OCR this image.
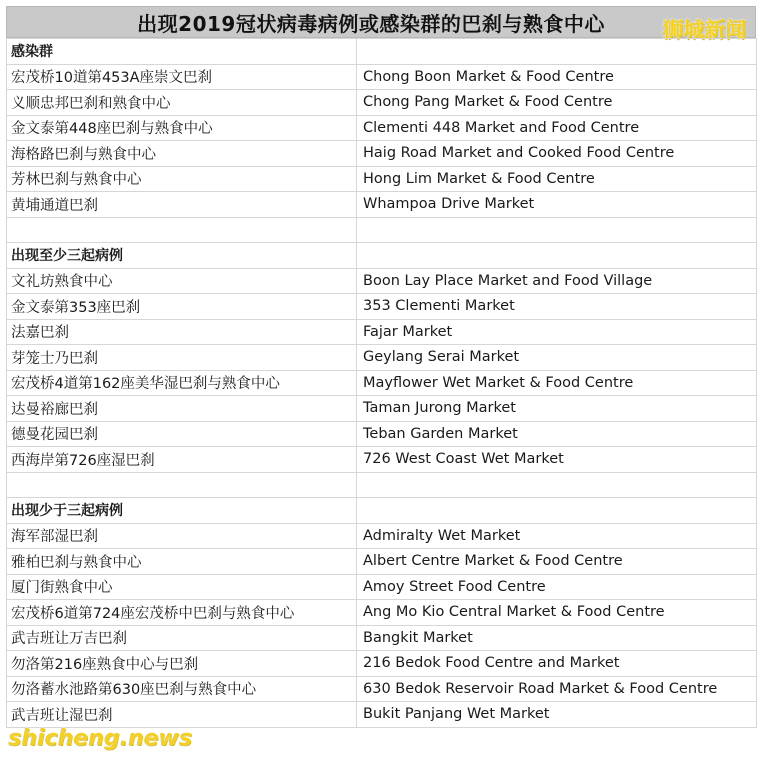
出现2019冠状病毒病例或感染群的巴刹与熟食中心	狮城新闻
感染群	
宏茂桥10道第453A座崇文巴刹	Chong Boon Market & Food Centre
义顺忠邦巴刹和熟食中心	Chong Pang Market & Food Centre
金文泰第448座巴刹与熟食中心	Clementi 448 Market and Food Centre
海格路巴刹与熟食中心	Haig Road Market and Cooked Food Centre
芳林巴刹与熟食中心	Hong Lim Market & Food Centre
黄埔通道巴刹	Whampoa Drive Market

出现至少三起病例	
文礼坊熟食中心	Boon Lay Place Market and Food Village
金文泰第353座巴刹	353 Clementi Market
法嘉巴刹	Fajar Market
芽笼士乃巴刹	Geylang Serai Market
宏茂桥4道第162座美华湿巴刹与熟食中心	Mayflower Wet Market & Food Centre
达曼裕廊巴刹	Taman Jurong Market
德曼花园巴刹	Teban Garden Market
西海岸第726座湿巴刹	726 West Coast Wet Market

出现少于三起病例	
海军部湿巴刹	Admiralty Wet Market
雅柏巴刹与熟食中心	Albert Centre Market & Food Centre
厦门街熟食中心	Amoy Street Food Centre
宏茂桥6道第724座宏茂桥中巴刹与熟食中心	Ang Mo Kio Central Market & Food Centre
武吉班让万吉巴刹	Bangkit Market
勿洛第216座熟食中心与巴刹	216 Bedok Food Centre and Market
勿洛蓄水池路第630座巴刹与熟食中心	630 Bedok Reservoir Road Market & Food Centre
武吉班让湿巴刹	Bukit Panjang Wet Market
shicheng.news
